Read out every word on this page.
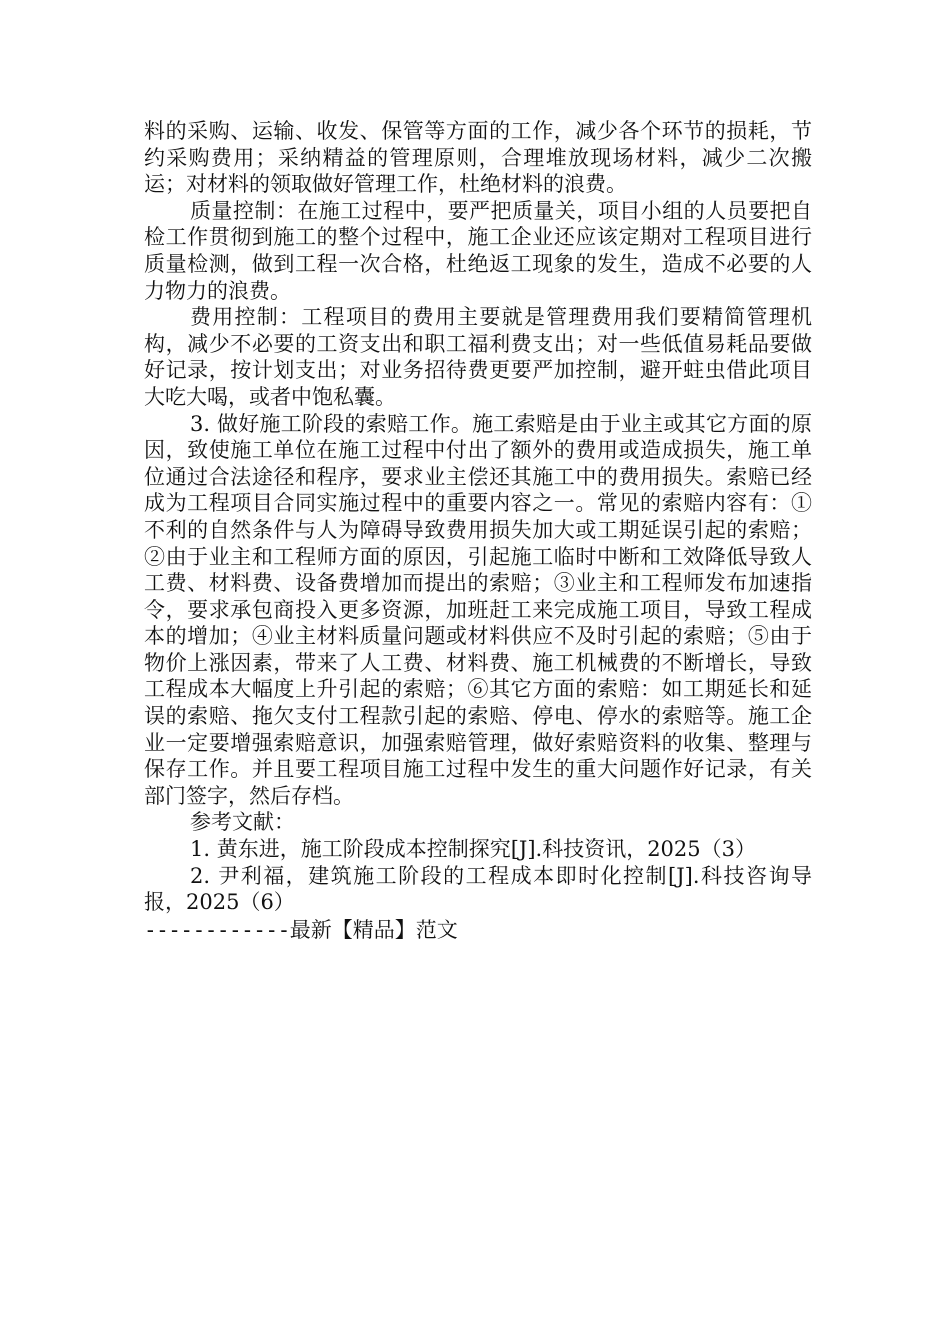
料的采购、运输、收发、保管等方面的工作，减少各个环节的损耗，节约采购费用；采纳精益的管理原则，合理堆放现场材料，减少二次搬运；对材料的领取做好管理工作，杜绝材料的浪费。

质量控制：在施工过程中，要严把质量关，项目小组的人员要把自检工作贯彻到施工的整个过程中，施工企业还应该定期对工程项目进行质量检测，做到工程一次合格，杜绝返工现象的发生，造成不必要的人力物力的浪费。

费用控制：工程项目的费用主要就是管理费用我们要精简管理机构，减少不必要的工资支出和职工福利费支出；对一些低值易耗品要做好记录，按计划支出；对业务招待费更要严加控制，避开蛀虫借此项目大吃大喝，或者中饱私囊。

3. 做好施工阶段的索赔工作。施工索赔是由于业主或其它方面的原因，致使施工单位在施工过程中付出了额外的费用或造成损失，施工单位通过合法途径和程序，要求业主偿还其施工中的费用损失。索赔已经成为工程项目合同实施过程中的重要内容之一。常见的索赔内容有：①不利的自然条件与人为障碍导致费用损失加大或工期延误引起的索赔；②由于业主和工程师方面的原因，引起施工临时中断和工效降低导致人工费、材料费、设备费增加而提出的索赔；③业主和工程师发布加速指令，要求承包商投入更多资源，加班赶工来完成施工项目，导致工程成本的增加；④业主材料质量问题或材料供应不及时引起的索赔；⑤由于物价上涨因素，带来了人工费、材料费、施工机械费的不断增长，导致工程成本大幅度上升引起的索赔；⑥其它方面的索赔：如工期延长和延误的索赔、拖欠支付工程款引起的索赔、停电、停水的索赔等。施工企业一定要增强索赔意识，加强索赔管理，做好索赔资料的收集、整理与保存工作。并且要工程项目施工过程中发生的重大问题作好记录，有关部门签字，然后存档。

参考文献：

1. 黄东进，施工阶段成本控制探究[J].科技资讯，2025（3）

2. 尹利福，建筑施工阶段的工程成本即时化控制[J].科技咨询导报，2025（6）

------------最新【精品】范文
